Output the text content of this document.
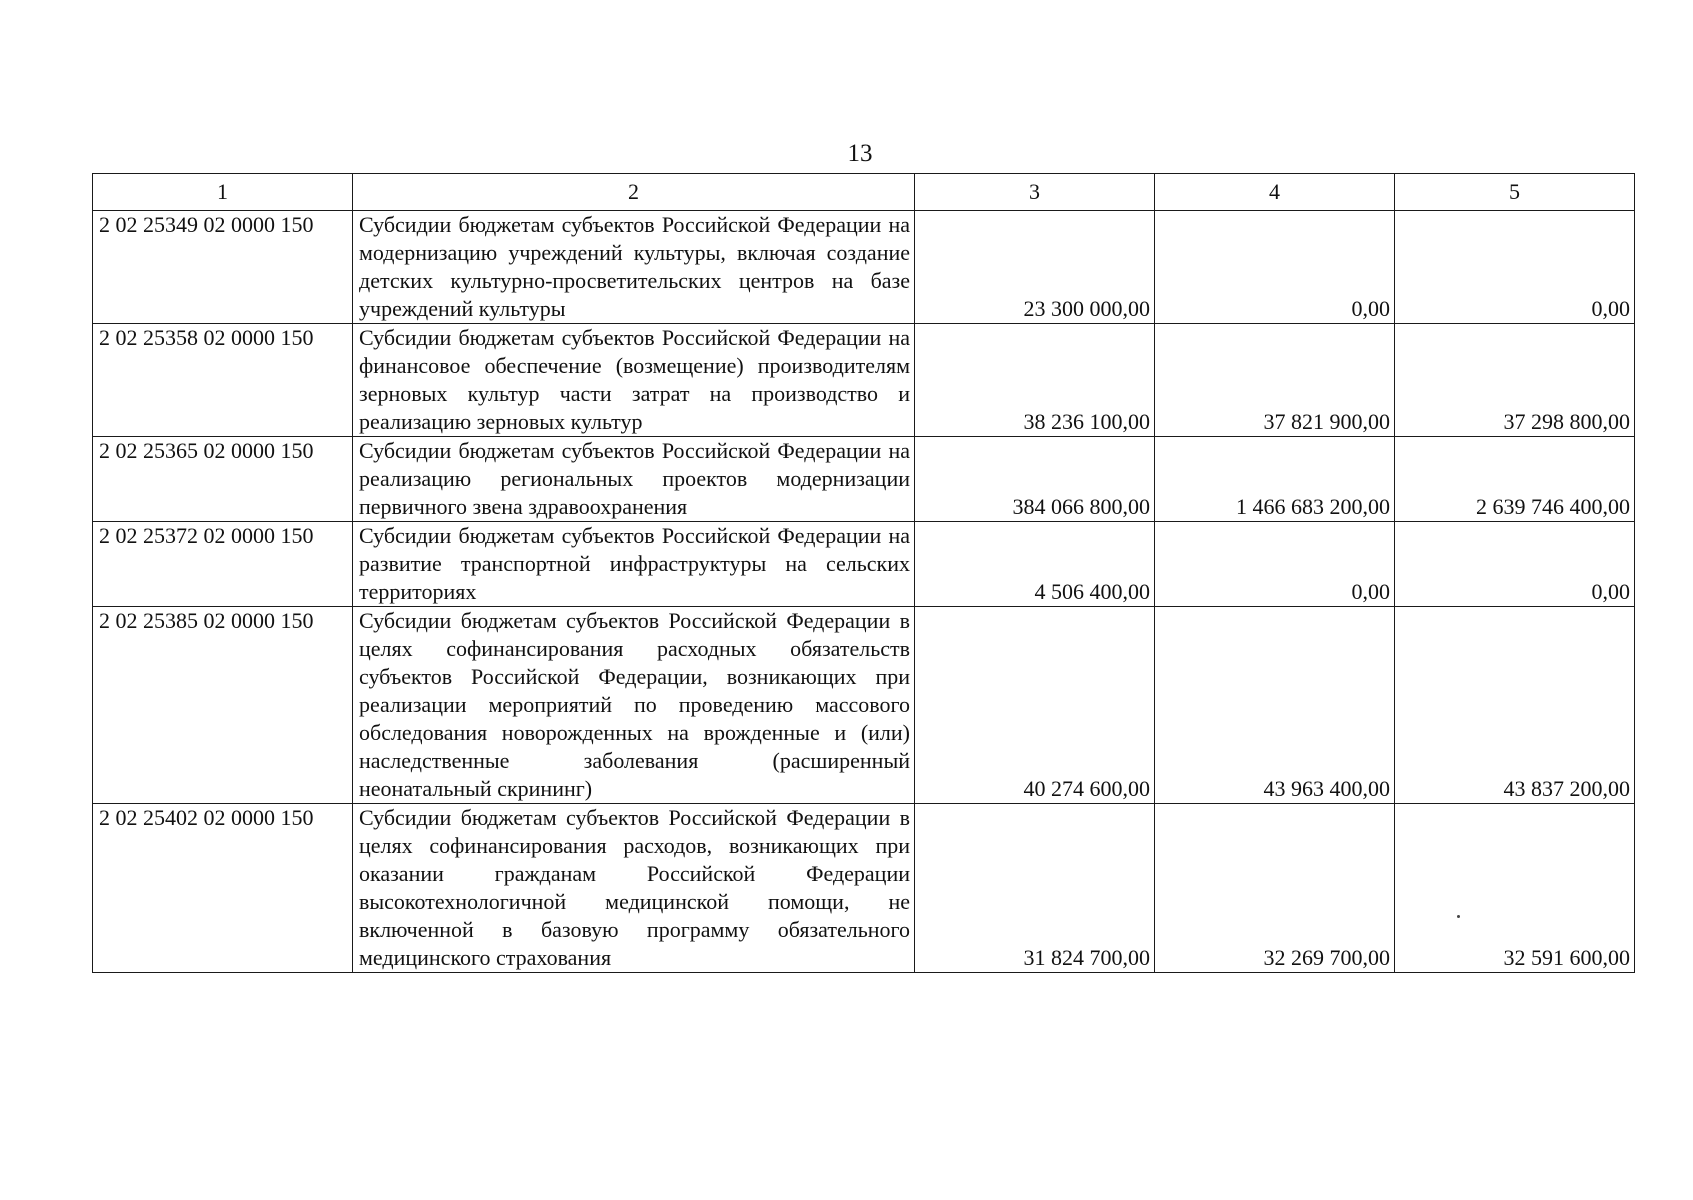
13
1	2	3	4	5
2 02 25349 02 0000 150	Субсидии бюджетам субъектов Российской Федерации на модернизацию учреждений культуры, включая создание детских культурно-просветительских центров на базе учреждений культуры	23 300 000,00	0,00	0,00
2 02 25358 02 0000 150	Субсидии бюджетам субъектов Российской Федерации на финансовое обеспечение (возмещение) производителям зерновых культур части затрат на производство и реализацию зерновых культур	38 236 100,00	37 821 900,00	37 298 800,00
2 02 25365 02 0000 150	Субсидии бюджетам субъектов Российской Федерации на реализацию региональных проектов модернизации первичного звена здравоохранения	384 066 800,00	1 466 683 200,00	2 639 746 400,00
2 02 25372 02 0000 150	Субсидии бюджетам субъектов Российской Федерации на развитие транспортной инфраструктуры на сельских территориях	4 506 400,00	0,00	0,00
2 02 25385 02 0000 150	Субсидии бюджетам субъектов Российской Федерации в целях софинансирования расходных обязательств субъектов Российской Федерации, возникающих при реализации мероприятий по проведению массового обследования новорожденных на врожденные и (или) наследственные заболевания (расширенный неонатальный скрининг)	40 274 600,00	43 963 400,00	43 837 200,00
2 02 25402 02 0000 150	Субсидии бюджетам субъектов Российской Федерации в целях софинансирования расходов, возникающих при оказании гражданам Российской Федерации высокотехнологичной медицинской помощи, не включенной в базовую программу обязательного медицинского страхования	31 824 700,00	32 269 700,00	32 591 600,00
